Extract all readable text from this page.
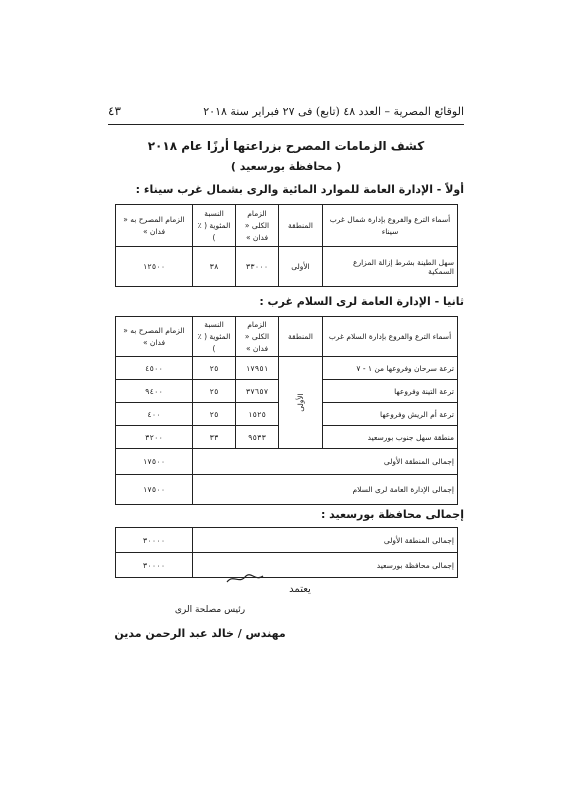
الوقائع المصرية – العدد ٤٨ (تابع) فى ٢٧ فبراير سنة ٢٠١٨
٤٣
كشف الزمامات المصرح بزراعتها أرزًا عام ٢٠١٨
( محافظة بورسعيد )
أولاً - الإدارة العامة للموارد المائية والرى بشمال غرب سيناء :
أسماء الترع والفروع بإدارة شمال غرب سيناء	المنطقة	الزمام الكلى « فدان »	النسبة المئوية ( ٪ )	الزمام المصرح به « فدان »
سهل الطينة بشرط إزالة المزارع السمكية	الأولى	٣٣٠٠٠	٣٨	١٢٥٠٠
ثانيا - الإدارة العامة لرى السلام غرب :
أسماء الترع والفروع بإدارة السلام غرب	المنطقة	الزمام الكلى « فدان »	النسبة المئوية ( ٪ )	الزمام المصرح به « فدان »
ترعة سرحان وفروعها من ١ - ٧	الأولى	١٧٩٥١	٢٥	٤٥٠٠
ترعة التينة وفروعها		٣٧٦٥٧	٢٥	٩٤٠٠
ترعة أم الريش وفروعها		١٥٢٥	٢٥	٤٠٠
منطقة سهل جنوب بورسعيد		٩٥٣٣	٣٣	٣٢٠٠
إجمالى المنطقة الأولى				١٧٥٠٠
إجمالى الإدارة العامة لرى السلام				١٧٥٠٠
إجمالى محافظة بورسعيد :
إجمالى المنطقة الأولى	٣٠٠٠٠
إجمالى محافظة بورسعيد	٣٠٠٠٠
يعتمد
رئيس مصلحة الرى
مهندس / خالد عبد الرحمن مدين
